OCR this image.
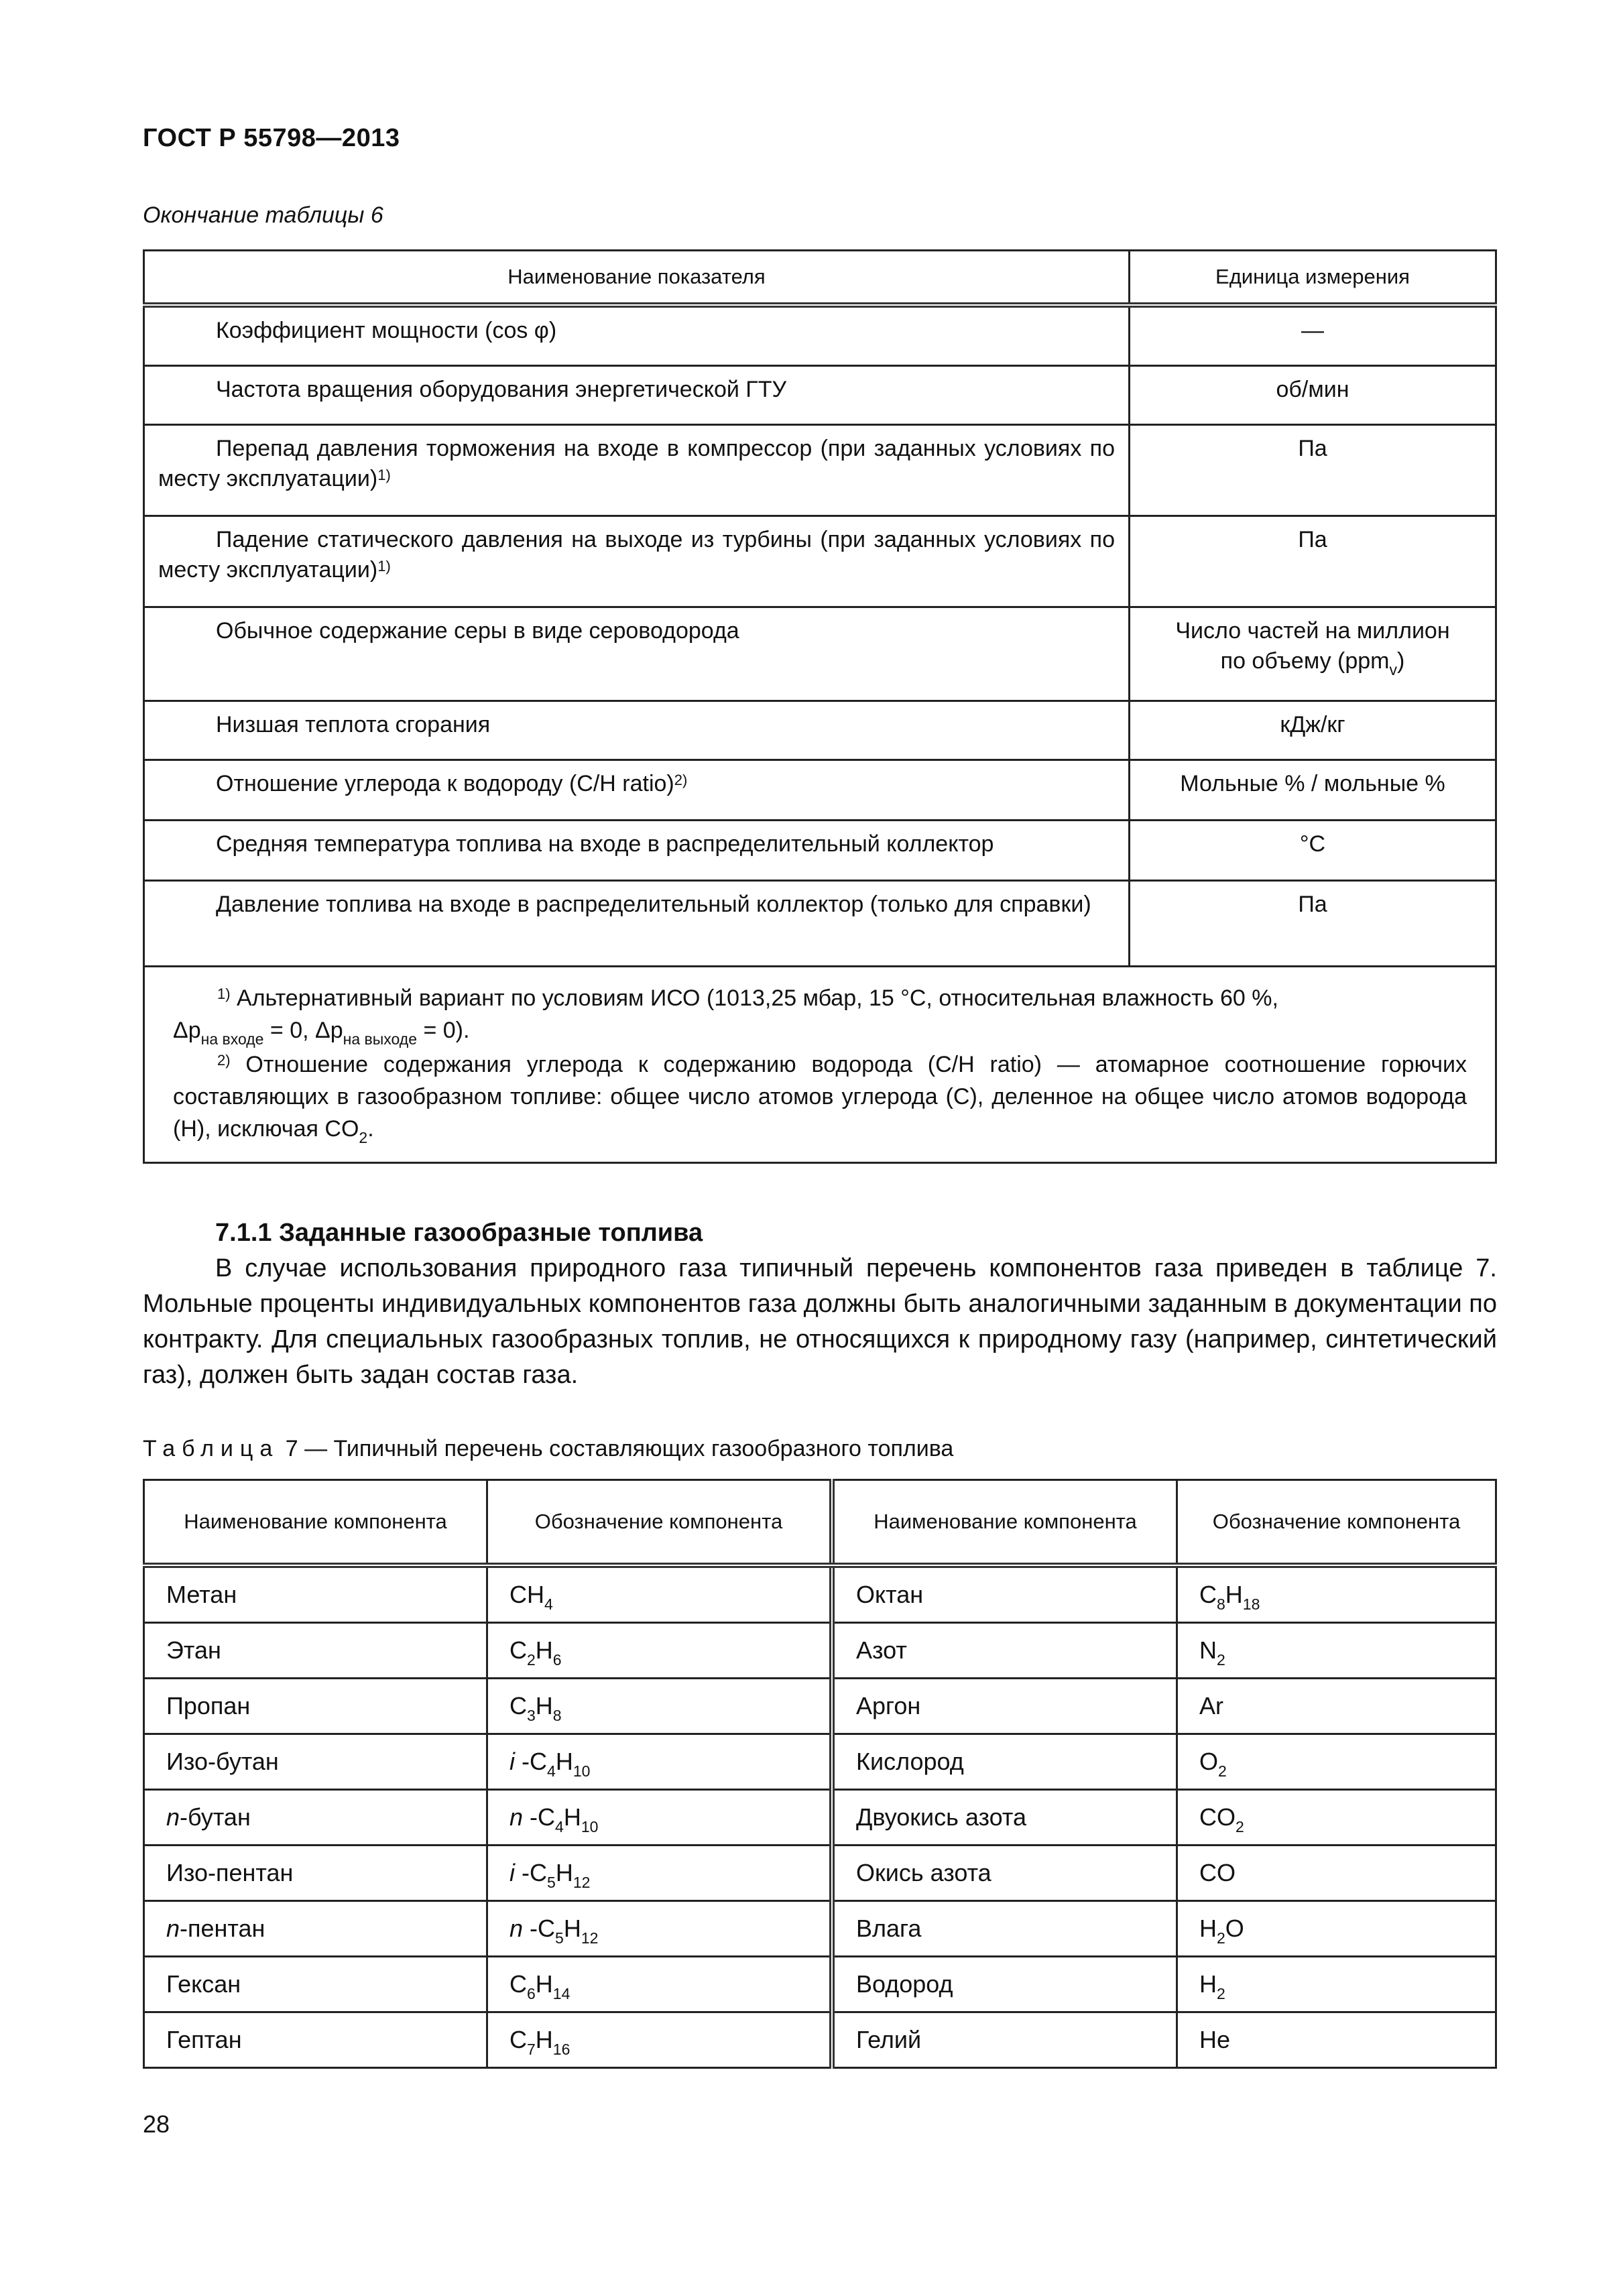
ГОСТ Р 55798—2013
Окончание таблицы 6
Наименование показателя	Единица измерения
Коэффициент мощности (cos φ)	—
Частота вращения оборудования энергетической ГТУ	об/мин
Перепад давления торможения на входе в компрессор (при заданных условиях по месту эксплуатации)$^{1)}$	Па
Падение статического давления на выходе из турбины (при заданных условиях по месту эксплуатации)$^{1)}$	Па
Обычное содержание серы в виде сероводорода	Число частей на миллион
по объему (ppm$_v$)
Низшая теплота сгорания	кДж/кг
Отношение углерода к водороду (C/H ratio)$^{2)}$	Мольные % / мольные %
Средняя температура топлива на входе в распределительный коллектор	°C
Давление топлива на входе в распределительный коллектор (только для справки)	Па

$^{1)}$ Альтернативный вариант по условиям ИСО (1013,25 мбар, 15 °C, относительная влажность 60 %,
$\Delta p_{на входе} = 0$, $\Delta p_{на выходе} = 0$).
$^{2)}$ Отношение содержания углерода к содержанию водорода (C/H ratio) — атомарное соотношение горючих составляющих в газообразном топливе: общее число атомов углерода (C), деленное на общее число атомов водорода (H), исключая $CO_2$.	
7.1.1 Заданные газообразные топлива

В случае использования природного газа типичный перечень компонентов газа приведен в таблице 7. Мольные проценты индивидуальных компонентов газа должны быть аналогичными заданным в документации по контракту. Для специальных газообразных топлив, не относящихся к природному газу (например, синтетический газ), должен быть задан состав газа.

Таблица 7 — Типичный перечень составляющих газообразного топлива
Наименование компонента	Обозначение компонента	Наименование компонента	Обозначение компонента
Метан	$CH_4$	Октан	$C_8H_{18}$
Этан	$C_2H_6$	Азот	$N_2$
Пропан	$C_3H_8$	Аргон	Ar
Изо-бутан	i $-C_4H_{10}$	Кислород	$O_2$
n-бутан	n $-C_4H_{10}$	Двуокись азота	$CO_2$
Изо-пентан	i $-C_5H_{12}$	Окись азота	CO
n-пентан	n $-C_5H_{12}$	Влага	$H_2O$
Гексан	$C_6H_{14}$	Водород	$H_2$
Гептан	$C_7H_{16}$	Гелий	He
28
